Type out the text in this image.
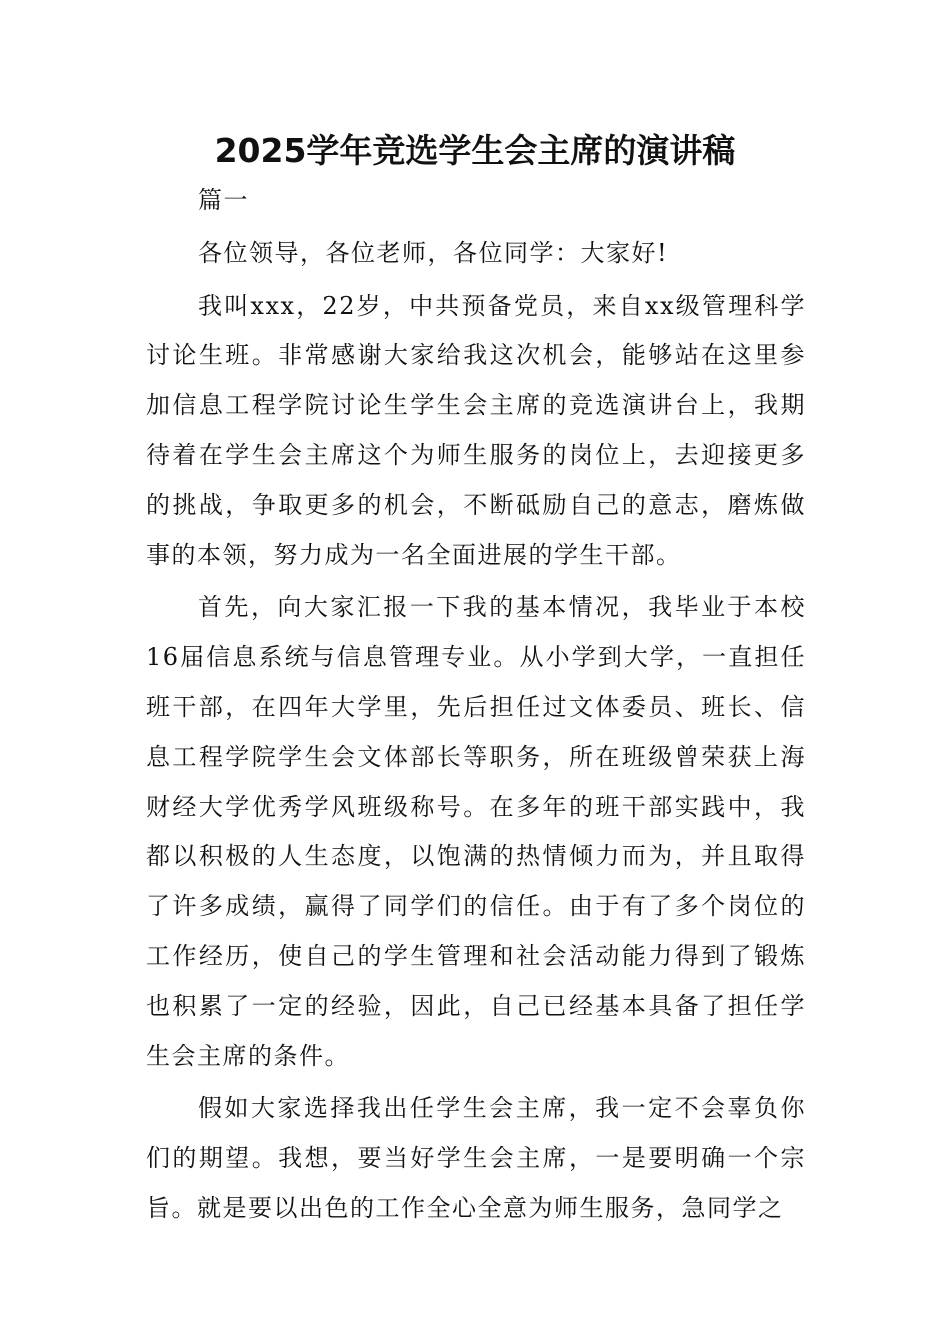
2025学年竞选学生会主席的演讲稿

篇一

各位领导，各位老师，各位同学：大家好!

我叫xxx，22岁，中共预备党员，来自xx级管理科学讨论生班。非常感谢大家给我这次机会，能够站在这里参加信息工程学院讨论生学生会主席的竞选演讲台上，我期待着在学生会主席这个为师生服务的岗位上，去迎接更多的挑战，争取更多的机会，不断砥励自己的意志，磨炼做事的本领，努力成为一名全面进展的学生干部。

首先，向大家汇报一下我的基本情况，我毕业于本校16届信息系统与信息管理专业。从小学到大学，一直担任班干部，在四年大学里，先后担任过文体委员、班长、信息工程学院学生会文体部长等职务，所在班级曾荣获上海财经大学优秀学风班级称号。在多年的班干部实践中，我都以积极的人生态度，以饱满的热情倾力而为，并且取得了许多成绩，赢得了同学们的信任。由于有了多个岗位的工作经历，使自己的学生管理和社会活动能力得到了锻炼也积累了一定的经验，因此，自己已经基本具备了担任学生会主席的条件。

假如大家选择我出任学生会主席，我一定不会辜负你们的期望。我想，要当好学生会主席，一是要明确一个宗旨。就是要以出色的工作全心全意为师生服务，急同学之
